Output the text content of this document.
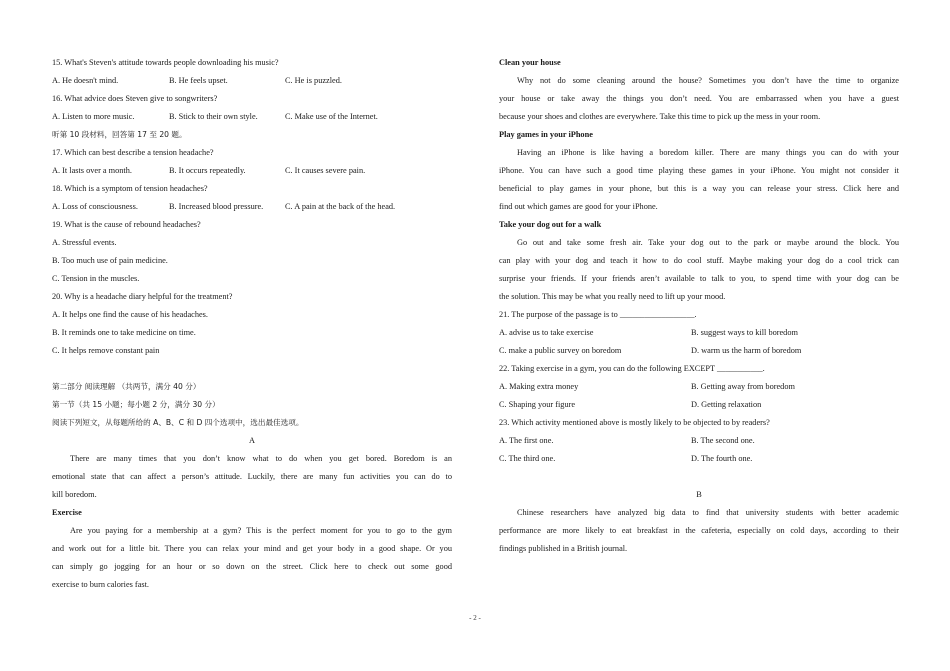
15. What's Steven's attitude towards people downloading his music?
A. He doesn't mind.	B. He feels upset.	C. He is puzzled.
16. What advice does Steven give to songwriters?
A. Listen to more music.	B. Stick to their own style.	C. Make use of the Internet.
听第 10 段材料，回答第 17 至 20 题。
17. Which can best describe a tension headache?
A. It lasts over a month.	B. It occurs repeatedly.	C. It causes severe pain.
18. Which is a symptom of tension headaches?
A. Loss of consciousness.	B. Increased blood pressure.	C. A pain at the back of the head.
19. What is the cause of rebound headaches?
A. Stressful events.
B. Too much use of pain medicine.
C. Tension in the muscles.
20. Why is a headache diary helpful for the treatment?
A. It helps one find the cause of his headaches.
B. It reminds one to take medicine on time.
C. It helps remove constant pain
第二部分 阅读理解 （共两节，满分 40 分）
第一节（共 15 小题；每小题 2 分，满分 30 分）
阅读下列短文，从每题所给的 A、B、C 和 D 四个选项中，选出最佳选项。
A
There are many times that you don’t know what to do when you get bored. Boredom is an
emotional state that can affect a person’s attitude. Luckily, there are many fun activities you can do to
kill boredom.
Exercise
Are you paying for a membership at a gym? This is the perfect moment for you to go to the gym
and work out for a little bit. There you can relax your mind and get your body in a good shape. Or you
can simply go jogging for an hour or so down on the street. Click here to check out some good
exercise to burn calories fast.
Clean your house
Why not do some cleaning around the house? Sometimes you don’t have the time to organize
your house or take away the things you don’t need. You are embarrassed when you have a guest
because your shoes and clothes are everywhere. Take this time to pick up the mess in your room.
Play games in your iPhone
Having an iPhone is like having a boredom killer. There are many things you can do with your
iPhone. You can have such a good time playing these games in your iPhone. You might not consider it
beneficial to play games in your phone, but this is a way you can release your stress. Click here and
find out which games are good for your iPhone.
Take your dog out for a walk
Go out and take some fresh air. Take your dog out to the park or maybe around the block. You
can play with your dog and teach it how to do cool stuff. Maybe making your dog do a cool trick can
surprise your friends. If your friends aren’t available to talk to you, to spend time with your dog can be
the solution. This may be what you really need to lift up your mood.
21. The purpose of the passage is to __________________.
A. advise us to take exercise	B. suggest ways to kill boredom
C. make a public survey on boredom	D. warm us the harm of boredom
22. Taking exercise in a gym, you can do the following EXCEPT ___________.
A. Making extra money	B. Getting away from boredom
C. Shaping your figure	D. Getting relaxation
23. Which activity mentioned above is mostly likely to be objected to by readers?
A. The first one.	B. The second one.
C. The third one.	D. The fourth one.
B
Chinese researchers have analyzed big data to find that university students with better academic
performance are more likely to eat breakfast in the cafeteria, especially on cold days, according to their
findings published in a British journal.
- 2 -
